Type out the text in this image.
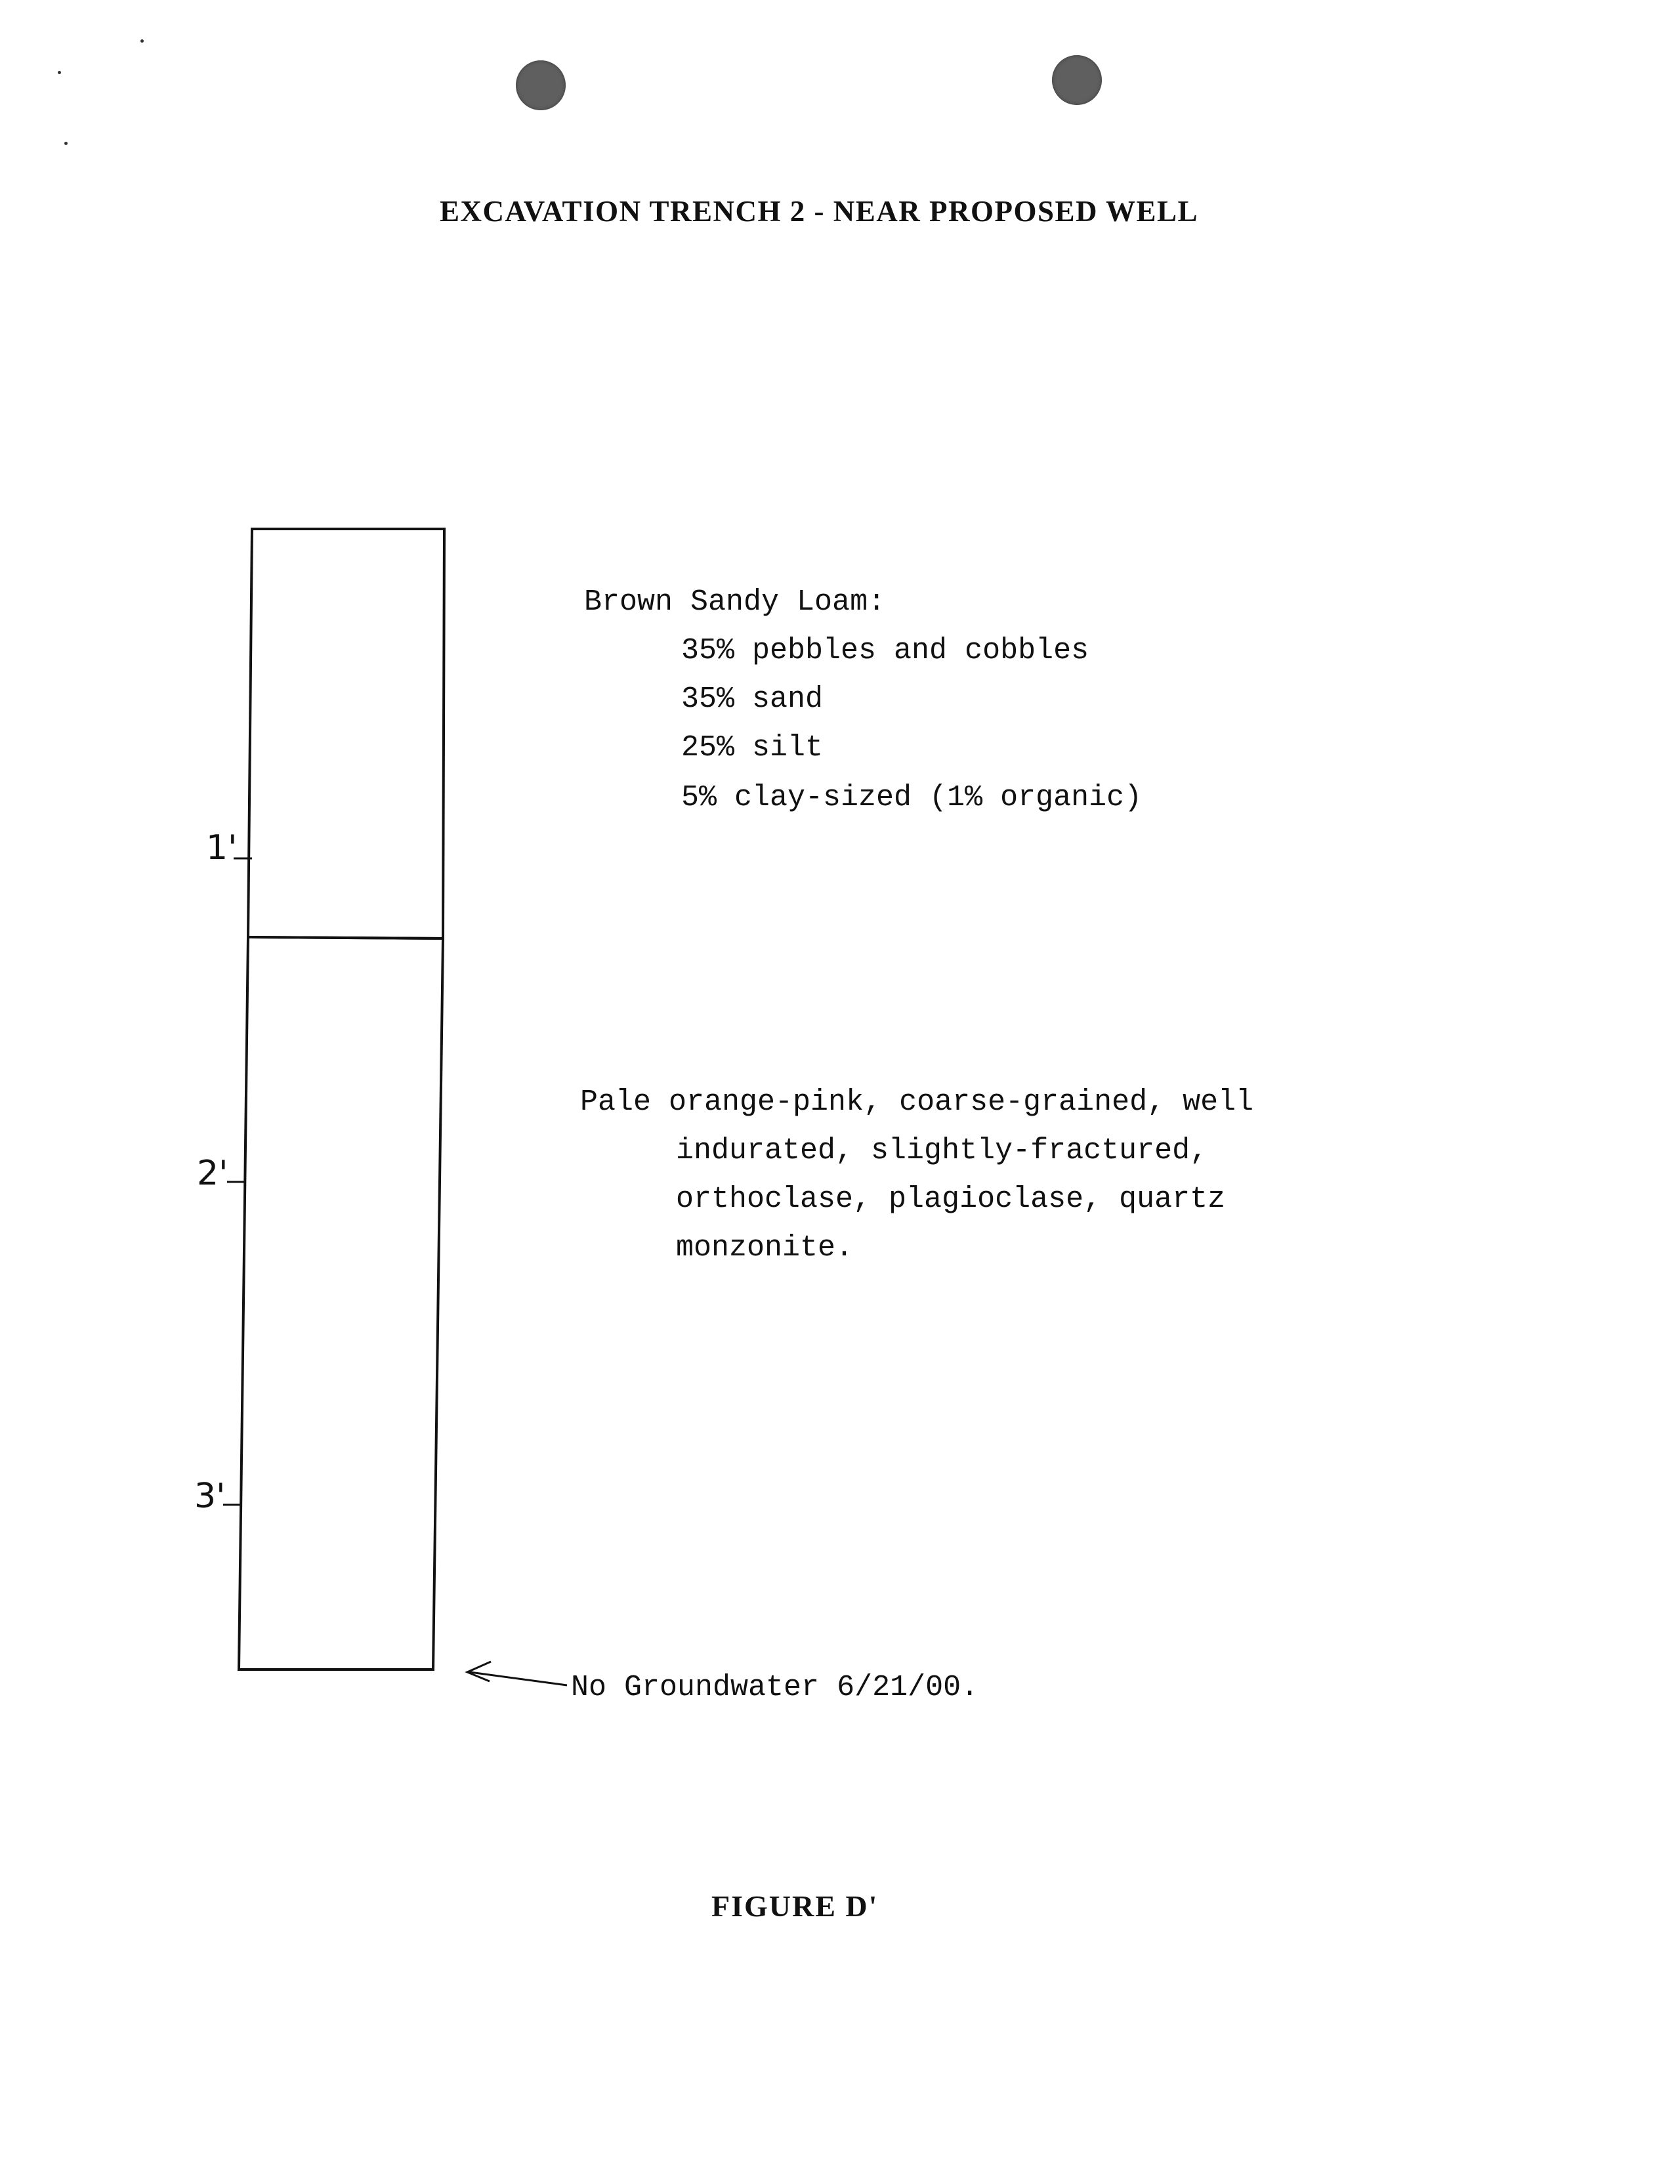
EXCAVATION TRENCH 2 - NEAR PROPOSED WELL
1'
2'
3'
Brown Sandy Loam:
35% pebbles and cobbles
35% sand
25% silt
5% clay-sized (1% organic)
Pale orange-pink, coarse-grained, well
indurated, slightly-fractured,
orthoclase, plagioclase, quartz
monzonite.
No Groundwater 6/21/00.
FIGURE D'
